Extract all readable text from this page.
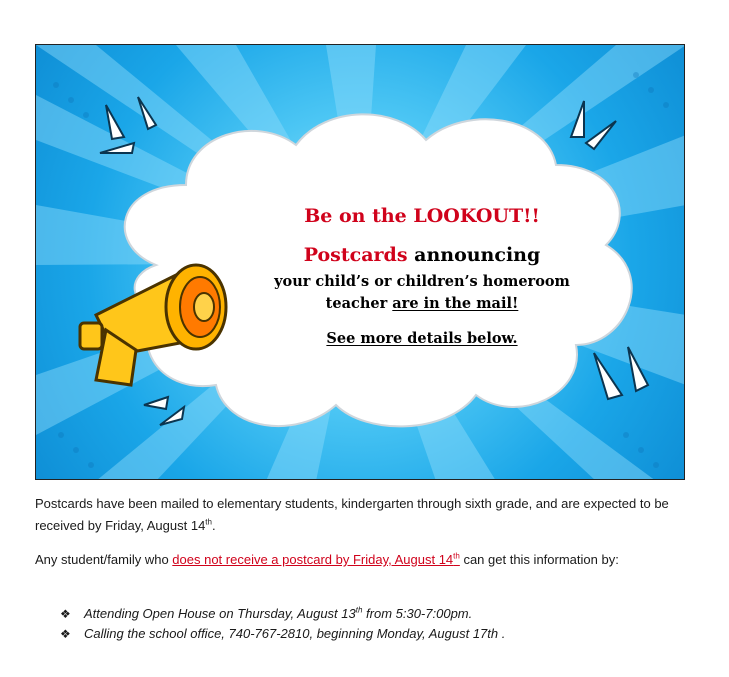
Be on the LOOKOUT!!

Postcards announcing

your child’s or children’s homeroom teacher are in the mail!

See more details below.

Postcards have been mailed to elementary students, kindergarten through sixth grade, and are expected to be received by Friday, August 14th.
Any student/family who does not receive a postcard by Friday, August 14th can get this information by:
❖	Attending Open House on Thursday, August 13th from 5:30-7:00pm.
❖	Calling the school office, 740-767-2810, beginning Monday, August 17th .
